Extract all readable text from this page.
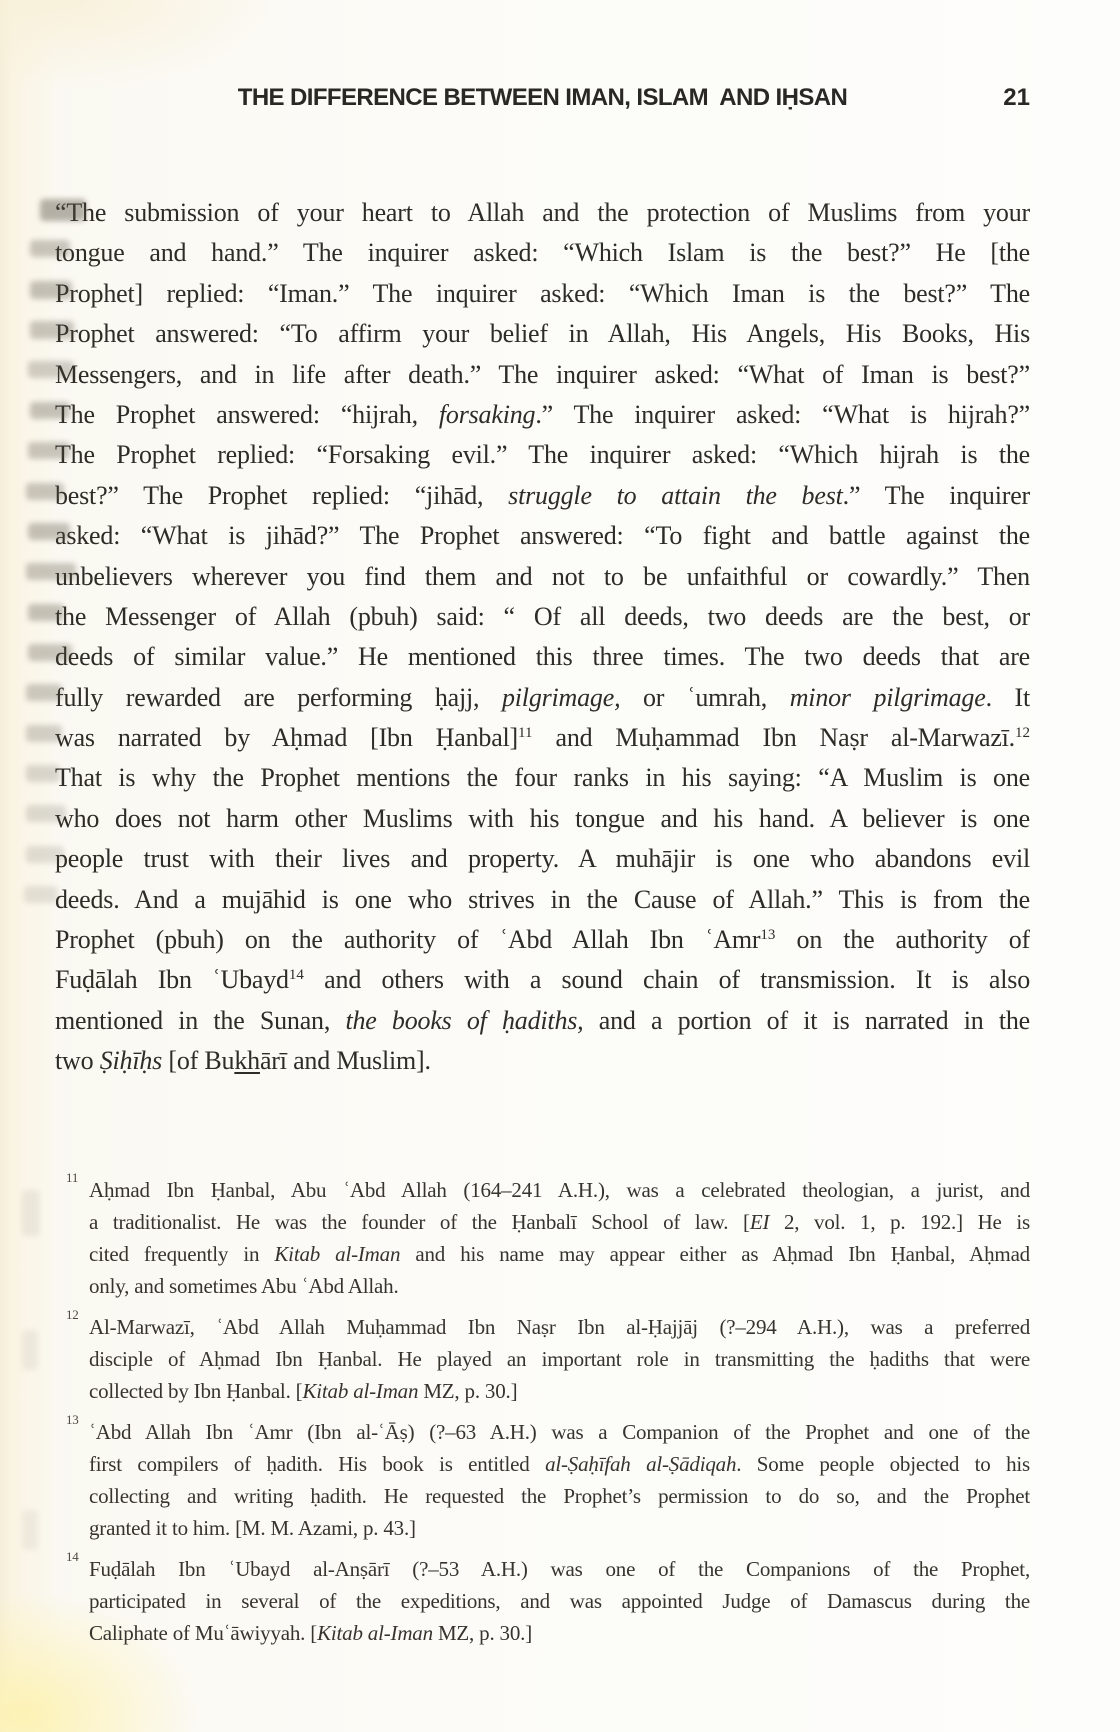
THE DIFFERENCE BETWEEN IMAN, ISLAM  AND IḤSAN	21
“The submission of your heart to Allah and the protection of Muslims from your
tongue and hand.” The inquirer asked: “Which Islam is the best?” He [the
Prophet] replied: “Iman.” The inquirer asked: “Which Iman is the best?” The
Prophet answered: “To affirm your belief in Allah, His Angels, His Books, His
Messengers, and in life after death.” The inquirer asked: “What of Iman is best?”
The Prophet answered: “hijrah, forsaking.” The inquirer asked: “What is hijrah?”
The Prophet replied: “Forsaking evil.” The inquirer asked: “Which hijrah is the
best?” The Prophet replied: “jihād, struggle to attain the best.” The inquirer
asked: “What is jihād?” The Prophet answered: “To fight and battle against the
unbelievers wherever you find them and not to be unfaithful or cowardly.” Then
the Messenger of Allah (pbuh) said: “ Of all deeds, two deeds are the best, or
deeds of similar value.” He mentioned this three times. The two deeds that are
fully rewarded are performing ḥajj, pilgrimage, or ʿumrah, minor pilgrimage. It
was narrated by Aḥmad [Ibn Ḥanbal]$^{11}$ and Muḥammad Ibn Naṣr al-Marwazī.$^{12}$
That is why the Prophet mentions the four ranks in his saying: “A Muslim is one
who does not harm other Muslims with his tongue and his hand. A believer is one
people trust with their lives and property. A muhājir is one who abandons evil
deeds. And a mujāhid is one who strives in the Cause of Allah.” This is from the
Prophet (pbuh) on the authority of ʿAbd Allah Ibn ʿAmr$^{13}$ on the authority of
Fuḍālah Ibn ʿUbayd$^{14}$ and others with a sound chain of transmission. It is also
mentioned in the Sunan, the books of ḥadiths, and a portion of it is narrated in the
two Ṣiḥīḥs [of Bukhārī and Muslim].
11
Aḥmad Ibn Ḥanbal, Abu ʿAbd Allah (164–241 A.H.), was a celebrated theologian, a jurist, and
a traditionalist. He was the founder of the Ḥanbalī School of law. [EI 2, vol. 1, p. 192.] He is
cited frequently in Kitab al-Iman and his name may appear either as Aḥmad Ibn Ḥanbal, Aḥmad
only, and sometimes Abu ʿAbd Allah.
12
Al-Marwazī, ʿAbd Allah Muḥammad Ibn Naṣr Ibn al-Ḥajjāj (?–294 A.H.), was a preferred
disciple of Aḥmad Ibn Ḥanbal. He played an important role in transmitting the ḥadiths that were
collected by Ibn Ḥanbal. [Kitab al-Iman MZ, p. 30.]
13
ʿAbd Allah Ibn ʿAmr (Ibn al-ʿĀṣ) (?–63 A.H.) was a Companion of the Prophet and one of the
first compilers of ḥadith. His book is entitled al-Ṣaḥīfah al-Ṣādiqah. Some people objected to his
collecting and writing ḥadith. He requested the Prophet’s permission to do so, and the Prophet
granted it to him. [M. M. Azami, p. 43.]
14
Fuḍālah Ibn ʿUbayd al-Anṣārī (?–53 A.H.) was one of the Companions of the Prophet,
participated in several of the expeditions, and was appointed Judge of Damascus during the
Caliphate of Muʿāwiyyah. [Kitab al-Iman MZ, p. 30.]
